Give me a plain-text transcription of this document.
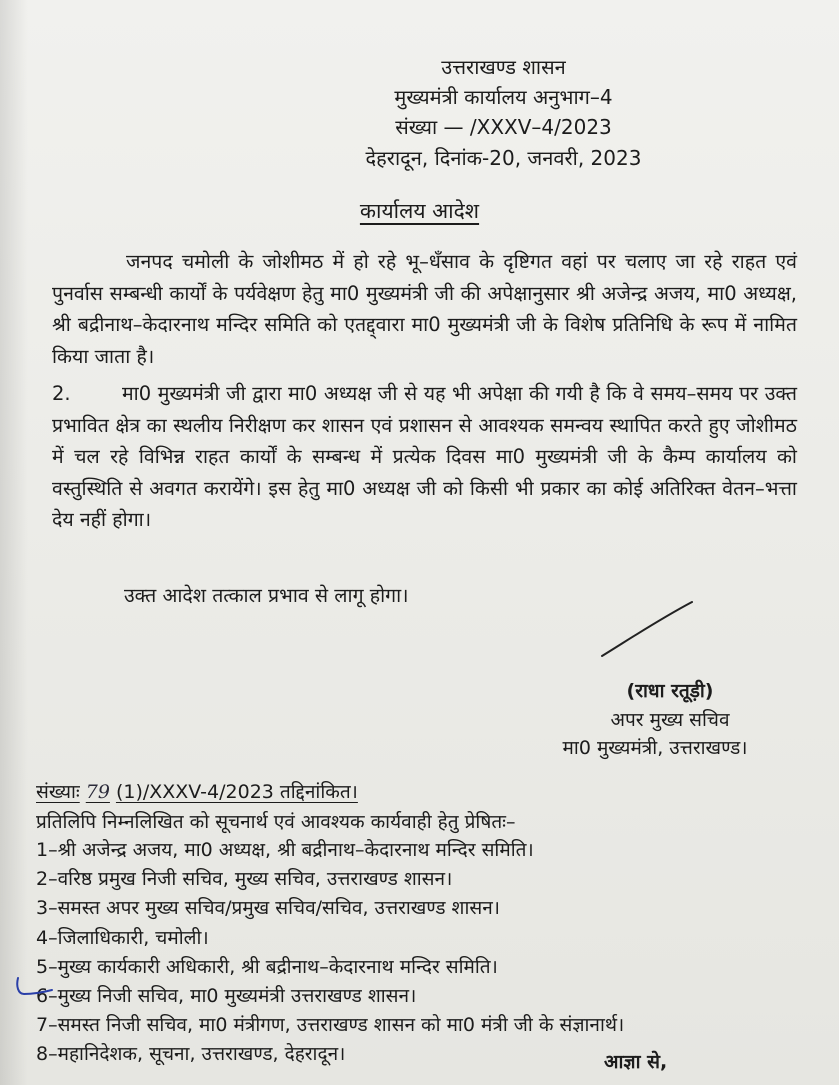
उत्तराखण्ड शासन
मुख्यमंत्री कार्यालय अनुभाग–4
संख्या — /XXXV–4/2023
देहरादून, दिनांक-20, जनवरी, 2023
कार्यालय आदेश
जनपद चमोली के जोशीमठ में हो रहे भू–धँसाव के दृष्टिगत वहां पर चलाए जा रहे राहत एवं पुनर्वास सम्बन्धी कार्यों के पर्यवेक्षण हेतु मा0 मुख्यमंत्री जी की अपेक्षानुसार श्री अजेन्द्र अजय, मा0 अध्यक्ष, श्री बद्रीनाथ–केदारनाथ मन्दिर समिति को एतद्द्वारा मा0 मुख्यमंत्री जी के विशेष प्रतिनिधि के रूप में नामित किया जाता है।
2.	मा0 मुख्यमंत्री जी द्वारा मा0 अध्यक्ष जी से यह भी अपेक्षा की गयी है कि वे समय–समय पर उक्त प्रभावित क्षेत्र का स्थलीय निरीक्षण कर शासन एवं प्रशासन से आवश्यक समन्वय स्थापित करते हुए जोशीमठ में चल रहे विभिन्न राहत कार्यों के सम्बन्ध में प्रत्येक दिवस मा0 मुख्यमंत्री जी के कैम्प कार्यालय को वस्तुस्थिति से अवगत करायेंगे। इस हेतु मा0 अध्यक्ष जी को किसी भी प्रकार का कोई अतिरिक्त वेतन–भत्ता देय नहीं होगा।
उक्त आदेश तत्काल प्रभाव से लागू होगा।
(राधा रतूड़ी)
अपर मुख्य सचिव
मा0 मुख्यमंत्री, उत्तराखण्ड।
संख्याः 79 (1)/XXXV-4/2023 तद्दिनांकित।
प्रतिलिपि निम्नलिखित को सूचनार्थ एवं आवश्यक कार्यवाही हेतु प्रेषितः–
1–श्री अजेन्द्र अजय, मा0 अध्यक्ष, श्री बद्रीनाथ–केदारनाथ मन्दिर समिति।
2–वरिष्ठ प्रमुख निजी सचिव, मुख्य सचिव, उत्तराखण्ड शासन।
3–समस्त अपर मुख्य सचिव/प्रमुख सचिव/सचिव, उत्तराखण्ड शासन।
4–जिलाधिकारी, चमोली।
5–मुख्य कार्यकारी अधिकारी, श्री बद्रीनाथ–केदारनाथ मन्दिर समिति।
6–मुख्य निजी सचिव, मा0 मुख्यमंत्री उत्तराखण्ड शासन।
7–समस्त निजी सचिव, मा0 मंत्रीगण, उत्तराखण्ड शासन को मा0 मंत्री जी के संज्ञानार्थ।
8–महानिदेशक, सूचना, उत्तराखण्ड, देहरादून।	आज्ञा से,
